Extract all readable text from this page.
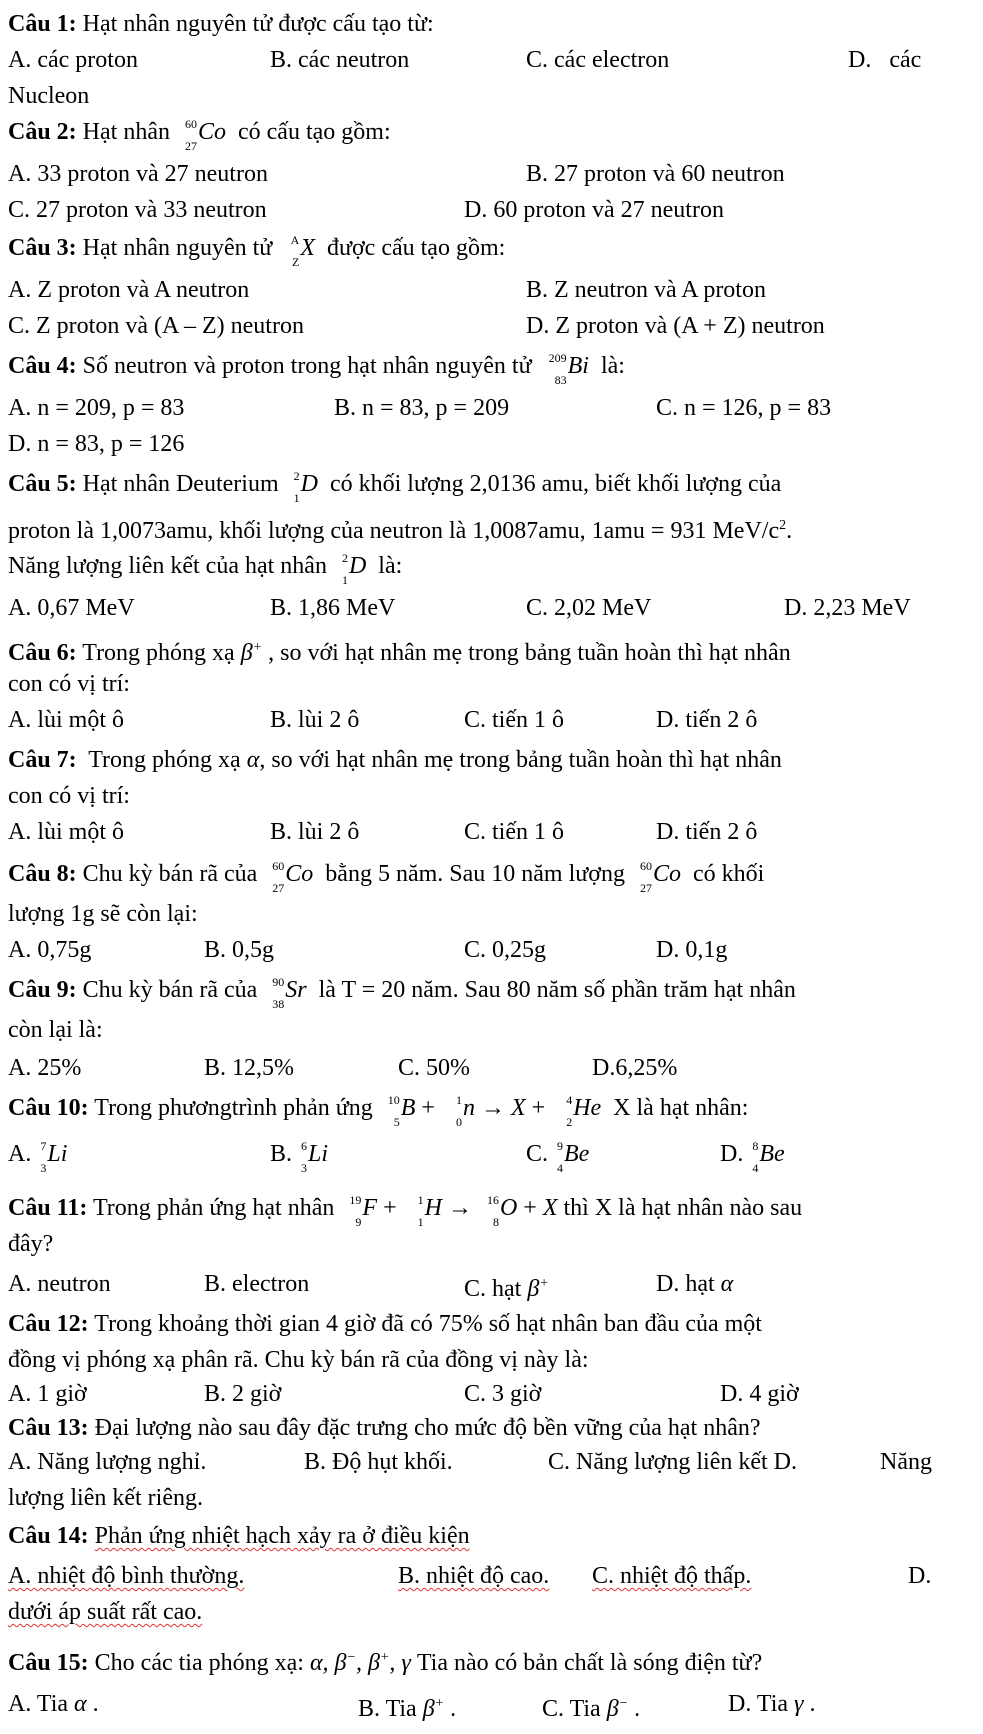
Câu 1: Hạt nhân nguyên tử được cấu tạo từ:
A. các proton	B. các neutron	C. các electron	D.   các
Nucleon
Câu 2: Hạt nhân 60
27
Co có cấu tạo gồm:
A. 33 proton và 27 neutron	B. 27 proton và 60 neutron
C. 27 proton và 33 neutron	D. 60 proton và 27 neutron
Câu 3: Hạt nhân nguyên tử	A
Z
X được cấu tạo gồm:
A. Z proton và A neutron	B. Z neutron và A proton
C. Z proton và (A – Z) neutron	D. Z proton và (A + Z) neutron
Câu 4: Số neutron và proton trong hạt nhân nguyên tử	209
83
Bi là:
A. n = 209, p = 83	B. n = 83, p = 209	C. n = 126, p = 83
D. n = 83, p = 126
Câu 5: Hạt nhân Deuterium 2
1
D có khối lượng 2,0136 amu, biết khối lượng của
proton là 1,0073amu, khối lượng của neutron là 1,0087amu, 1amu = 931 MeV/$c^2$.
Năng lượng liên kết của hạt nhân 2
1
D là:
A. 0,67 MeV	B. 1,86 MeV	C. 2,02 MeV	D. 2,23 MeV
Câu 6: Trong phóng xạ β+ , so với hạt nhân mẹ trong bảng tuần hoàn thì hạt nhân
con có vị trí:
A. lùi một ô	B. lùi 2 ô	C. tiến 1 ô	D. tiến 2 ô
Câu 7:  Trong phóng xạ α, so với hạt nhân mẹ trong bảng tuần hoàn thì hạt nhân
con có vị trí:
A. lùi một ô	B. lùi 2 ô	C. tiến 1 ô	D. tiến 2 ô
Câu 8: Chu kỳ bán rã của 60
27
Co bằng 5 năm. Sau 10 năm lượng 60
27
Co có khối
lượng 1g sẽ còn lại:
A. 0,75g	B. 0,5g	C. 0,25g	D. 0,1g
Câu 9: Chu kỳ bán rã của 90
38
Sr là T = 20 năm. Sau 80 năm số phần trăm hạt nhân
còn lại là:
A. 25%	B. 12,5%	C. 50%	D.6,25%
Câu 10: Trong phươngtrình phản ứng 10
5
B +	1
0
n → X +	4
2
He X là hạt nhân:
A. 7
3
Li	B. 6
3
Li	C. 9
4
Be	D. 8
4
Be
Câu 11: Trong phản ứng hạt nhân 19
9
F +	1
1
H → 16
8
O + X thì X là hạt nhân nào sau
đây?
A. neutron	B. electron	C. hạt β+	D. hạt α
Câu 12: Trong khoảng thời gian 4 giờ đã có 75% số hạt nhân ban đầu của một
đồng vị phóng xạ phân rã. Chu kỳ bán rã của đồng vị này là:
A. 1 giờ	B. 2 giờ	C. 3 giờ	D. 4 giờ
Câu 13: Đại lượng nào sau đây đặc trưng cho mức độ bền vững của hạt nhân?
A. Năng lượng nghỉ.	B. Độ hụt khối.	C. Năng lượng liên kết D.	Năng
lượng liên kết riêng.
Câu 14: Phản ứng nhiệt hạch xảy ra ở điều kiện
A. nhiệt độ bình thường.	B. nhiệt độ cao. C. nhiệt độ thấp.	D.
dưới áp suất rất cao.
Câu 15: Cho các tia phóng xạ: α, β−, β+, γ Tia nào có bản chất là sóng điện từ?
A. Tia α .	B. Tia β+ .	C. Tia β− .	D. Tia γ .
